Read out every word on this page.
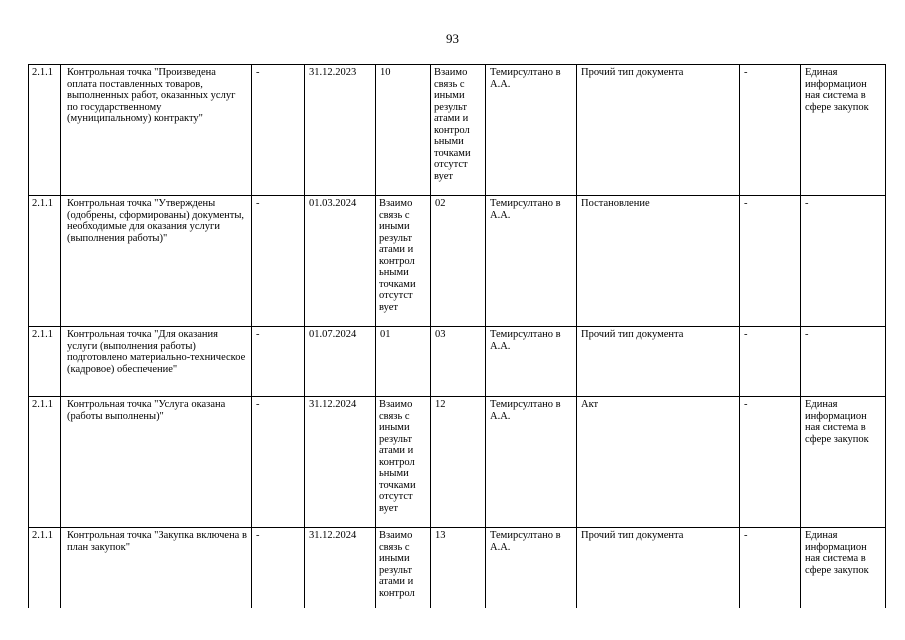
93
2.1.1	Контрольная точка "Произведена оплата поставленных товаров, выполненных работ, оказанных услуг по государственному (муниципальному) контракту"	-	31.12.2023	10	Взаимо связь с иными результ атами и контрол ьными точками отсутст вует	Темирсултано в А.А.	Прочий тип документа	-	Единая информацион ная система в сфере закупок
2.1.1	Контрольная точка "Утверждены (одобрены, сформированы) документы, необходимые для оказания услуги (выполнения работы)"	-	01.03.2024	Взаимо связь с иными результ атами и контрол ьными точками отсутст вует	02	Темирсултано в А.А.	Постановление	-	-
2.1.1	Контрольная точка "Для оказания услуги (выполнения работы) подготовлено материально-техническое (кадровое) обеспечение"	-	01.07.2024	01	03	Темирсултано в А.А.	Прочий тип документа	-	-
2.1.1	Контрольная точка "Услуга оказана (работы выполнены)"	-	31.12.2024	Взаимо связь с иными результ атами и контрол ьными точками отсутст вует	12	Темирсултано в А.А.	Акт	-	Единая информацион ная система в сфере закупок
2.1.1	Контрольная точка "Закупка включена в план закупок"	-	31.12.2024	Взаимо связь с иными результ атами и контрол	13	Темирсултано в А.А.	Прочий тип документа	-	Единая информацион ная система в сфере закупок
